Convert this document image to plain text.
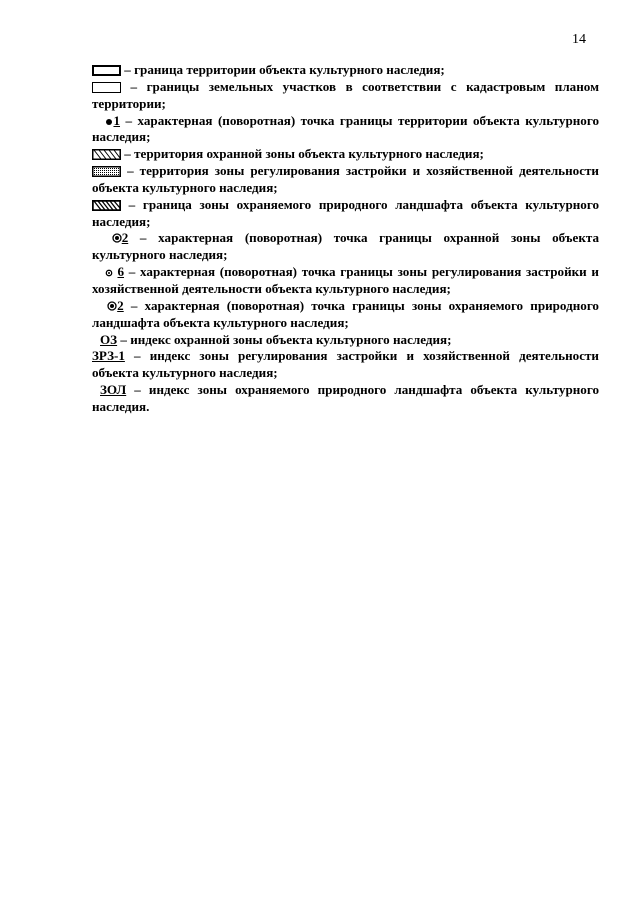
14
– граница территории объекта культурного наследия;
– границы земельных участков в соответствии с кадастровым планом территории;
1 – характерная (поворотная) точка границы территории объекта культурного наследия;
– территория охранной зоны объекта культурного наследия;
– территория зоны регулирования застройки и хозяйственной деятельности объекта культурного наследия;
– граница зоны охраняемого природного ландшафта объекта культурного наследия;
2 – характерная (поворотная) точка границы охранной зоны объекта культурного наследия;
6 – характерная (поворотная) точка границы зоны регулирования застройки и хозяйственной деятельности объекта культурного наследия;
2 – характерная (поворотная) точка границы зоны охраняемого природного ландшафта объекта культурного наследия;
ОЗ – индекс охранной зоны объекта культурного наследия;
ЗРЗ-1 – индекс зоны регулирования застройки и хозяйственной деятельности объекта культурного наследия;
ЗОЛ – индекс зоны охраняемого природного ландшафта объекта культурного наследия.
